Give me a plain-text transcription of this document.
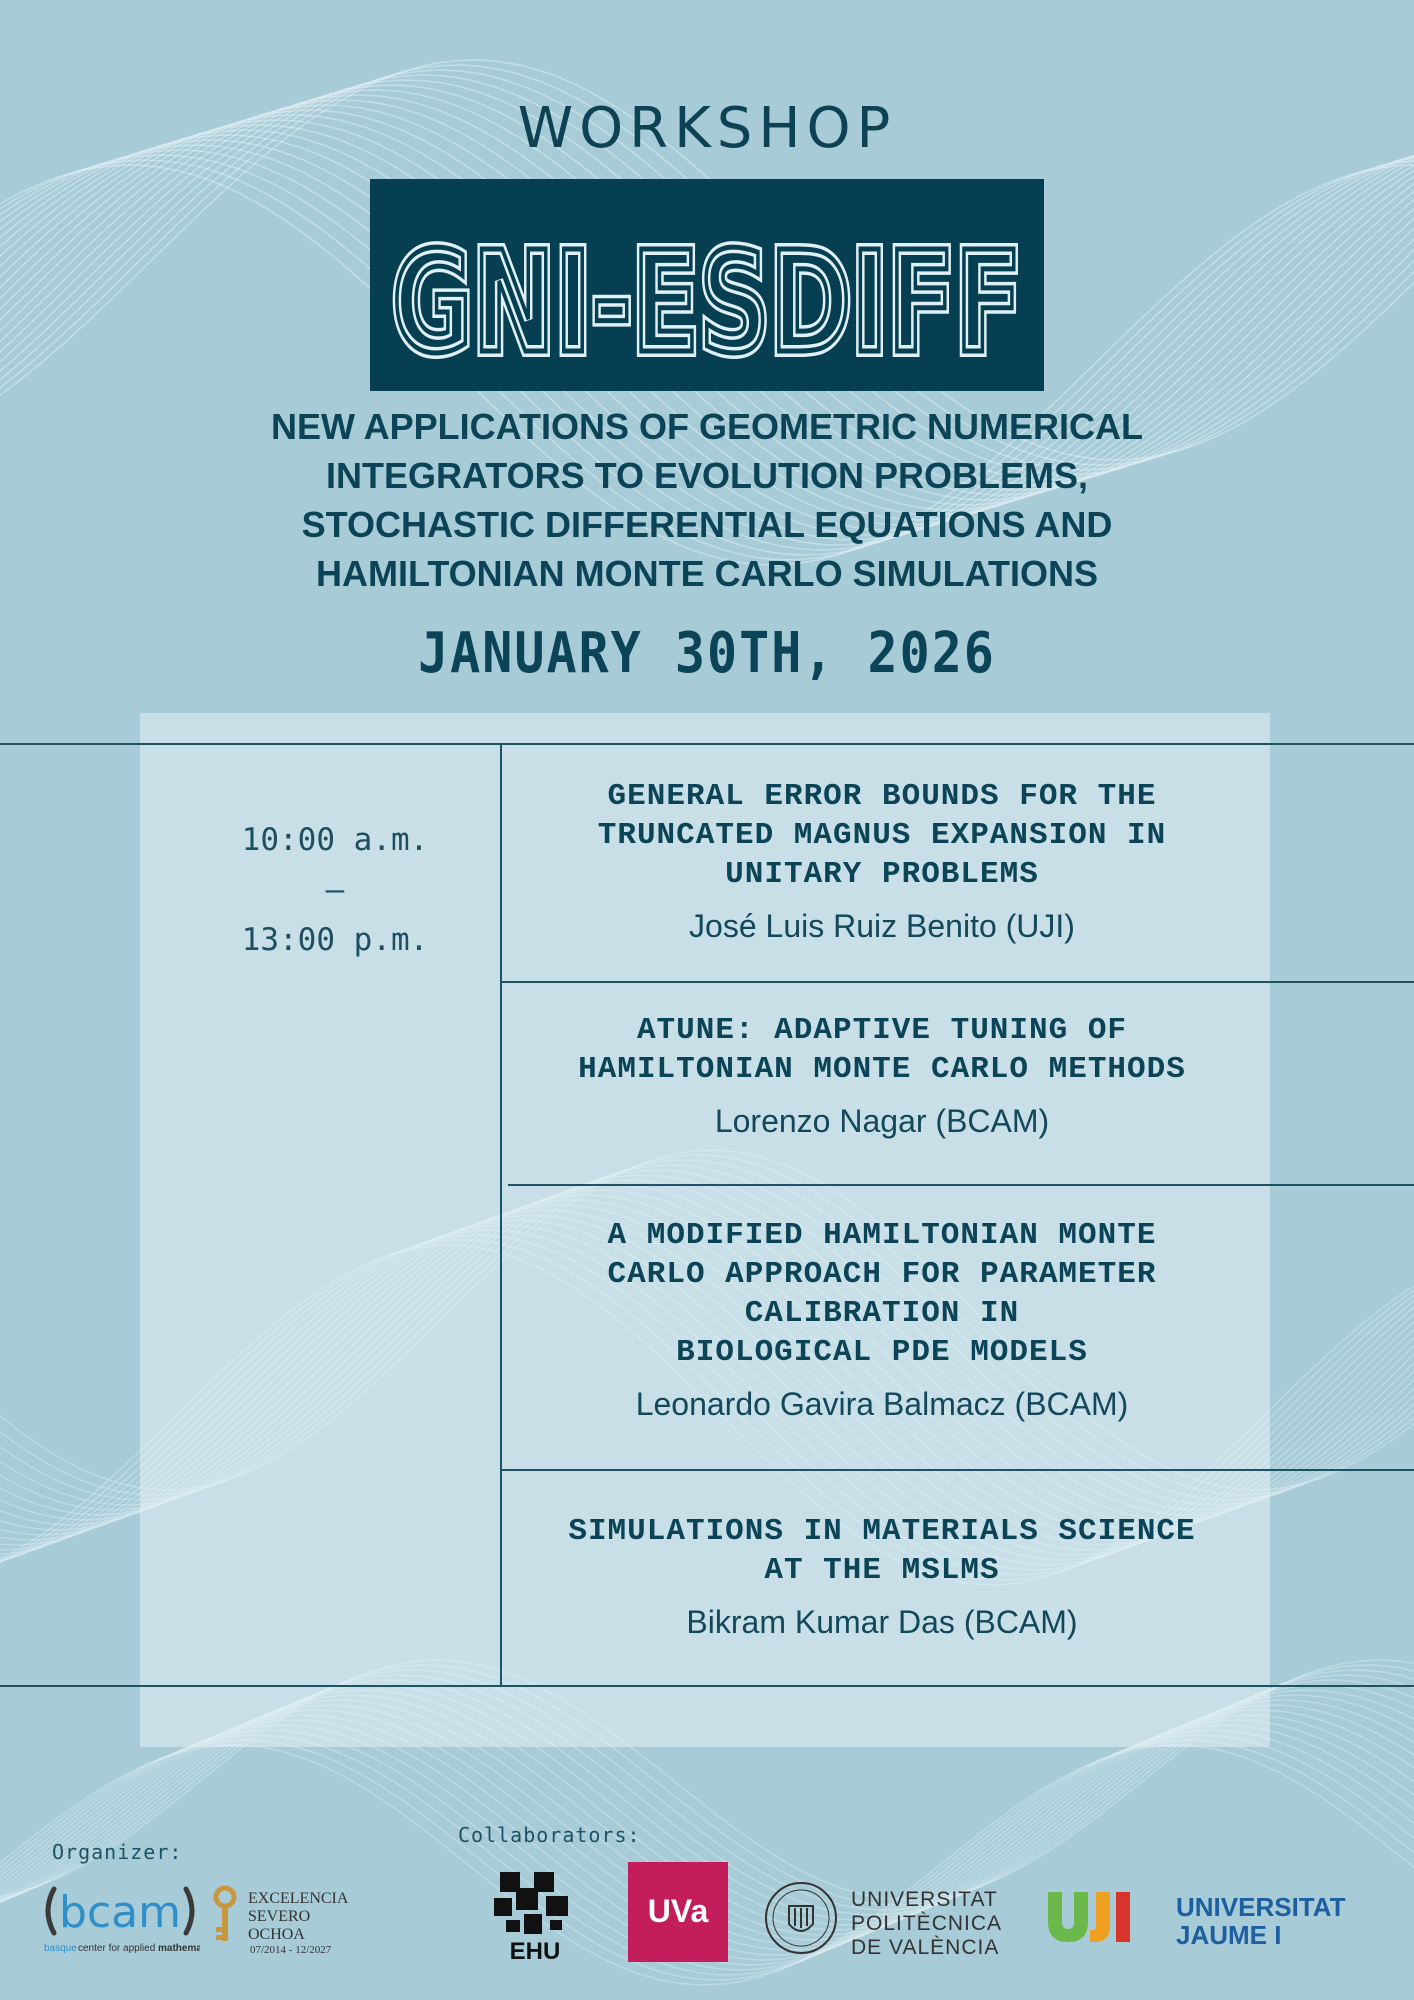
WORKSHOP
GNI-ESDIFF
GNI-ESDIFF
NEW APPLICATIONS OF GEOMETRIC NUMERICAL
INTEGRATORS TO EVOLUTION PROBLEMS,
STOCHASTIC DIFFERENTIAL EQUATIONS AND
HAMILTONIAN MONTE CARLO SIMULATIONS
JANUARY 30TH, 2026
10:00 a.m.
–
13:00 p.m.
GENERAL ERROR BOUNDS FOR THE
TRUNCATED MAGNUS EXPANSION IN
UNITARY PROBLEMS
José Luis Ruiz Benito (UJI)
ATUNE: ADAPTIVE TUNING OF
HAMILTONIAN MONTE CARLO METHODS
Lorenzo Nagar (BCAM)
A MODIFIED HAMILTONIAN MONTE
CARLO APPROACH FOR PARAMETER
CALIBRATION IN
BIOLOGICAL PDE MODELS
Leonardo Gavira Balmacz (BCAM)
SIMULATIONS IN MATERIALS SCIENCE
AT THE MSLMS
Bikram Kumar Das (BCAM)
Organizer:
Collaborators:
bcam
basque center for applied mathema
EXCELENCIA
SEVERO
OCHOA
07/2014 - 12/2027	EHU
UVa	UNIVERSITAT
POLITÈCNICA
DE VALÈNCIA
UNIVERSITAT
JAUME I
